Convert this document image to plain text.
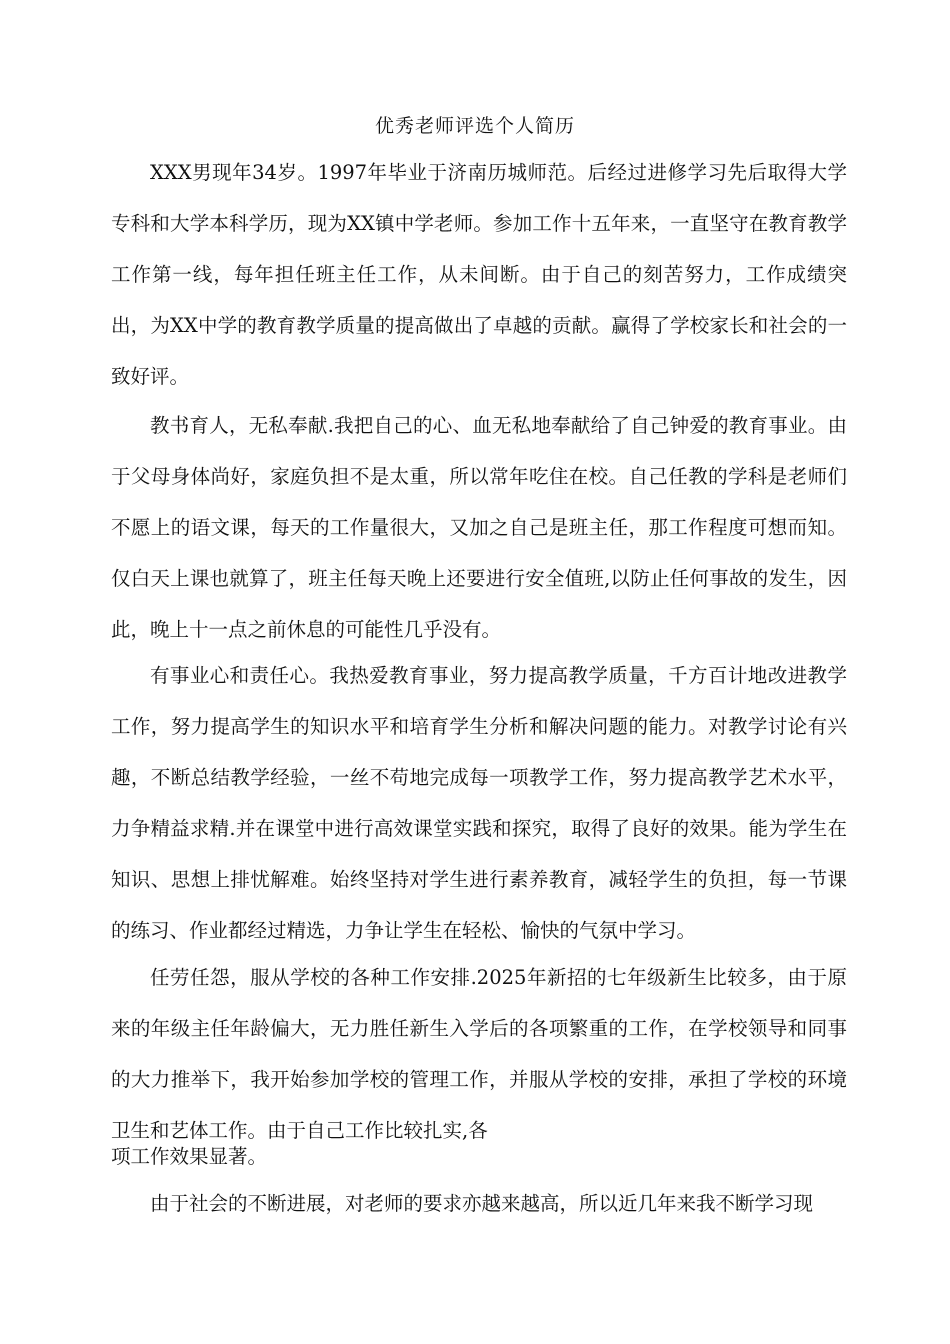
优秀老师评选个人简历

XXX男现年34岁。1997年毕业于济南历城师范。后经过进修学习先后取得大学专科和大学本科学历，现为XX镇中学老师。参加工作十五年来，一直坚守在教育教学工作第一线，每年担任班主任工作，从未间断。由于自己的刻苦努力，工作成绩突出，为XX中学的教育教学质量的提高做出了卓越的贡献。赢得了学校家长和社会的一致好评。

教书育人，无私奉献.我把自己的心、血无私地奉献给了自己钟爱的教育事业。由于父母身体尚好，家庭负担不是太重，所以常年吃住在校。自己任教的学科是老师们不愿上的语文课，每天的工作量很大，又加之自己是班主任，那工作程度可想而知。仅白天上课也就算了，班主任每天晚上还要进行安全值班,以防止任何事故的发生，因此，晚上十一点之前休息的可能性几乎没有。

有事业心和责任心。我热爱教育事业，努力提高教学质量，千方百计地改进教学工作，努力提高学生的知识水平和培育学生分析和解决问题的能力。对教学讨论有兴趣，不断总结教学经验，一丝不苟地完成每一项教学工作，努力提高教学艺术水平，力争精益求精.并在课堂中进行高效课堂实践和探究，取得了良好的效果。能为学生在知识、思想上排忧解难。始终坚持对学生进行素养教育，减轻学生的负担，每一节课的练习、作业都经过精选，力争让学生在轻松、愉快的气氛中学习。

任劳任怨，服从学校的各种工作安排.2025年新招的七年级新生比较多，由于原来的年级主任年龄偏大，无力胜任新生入学后的各项繁重的工作，在学校领导和同事的大力推举下，我开始参加学校的管理工作，并服从学校的安排，承担了学校的环境卫生和艺体工作。由于自己工作比较扎实,各
项工作效果显著。

由于社会的不断进展，对老师的要求亦越来越高，所以近几年来我不断学习现
